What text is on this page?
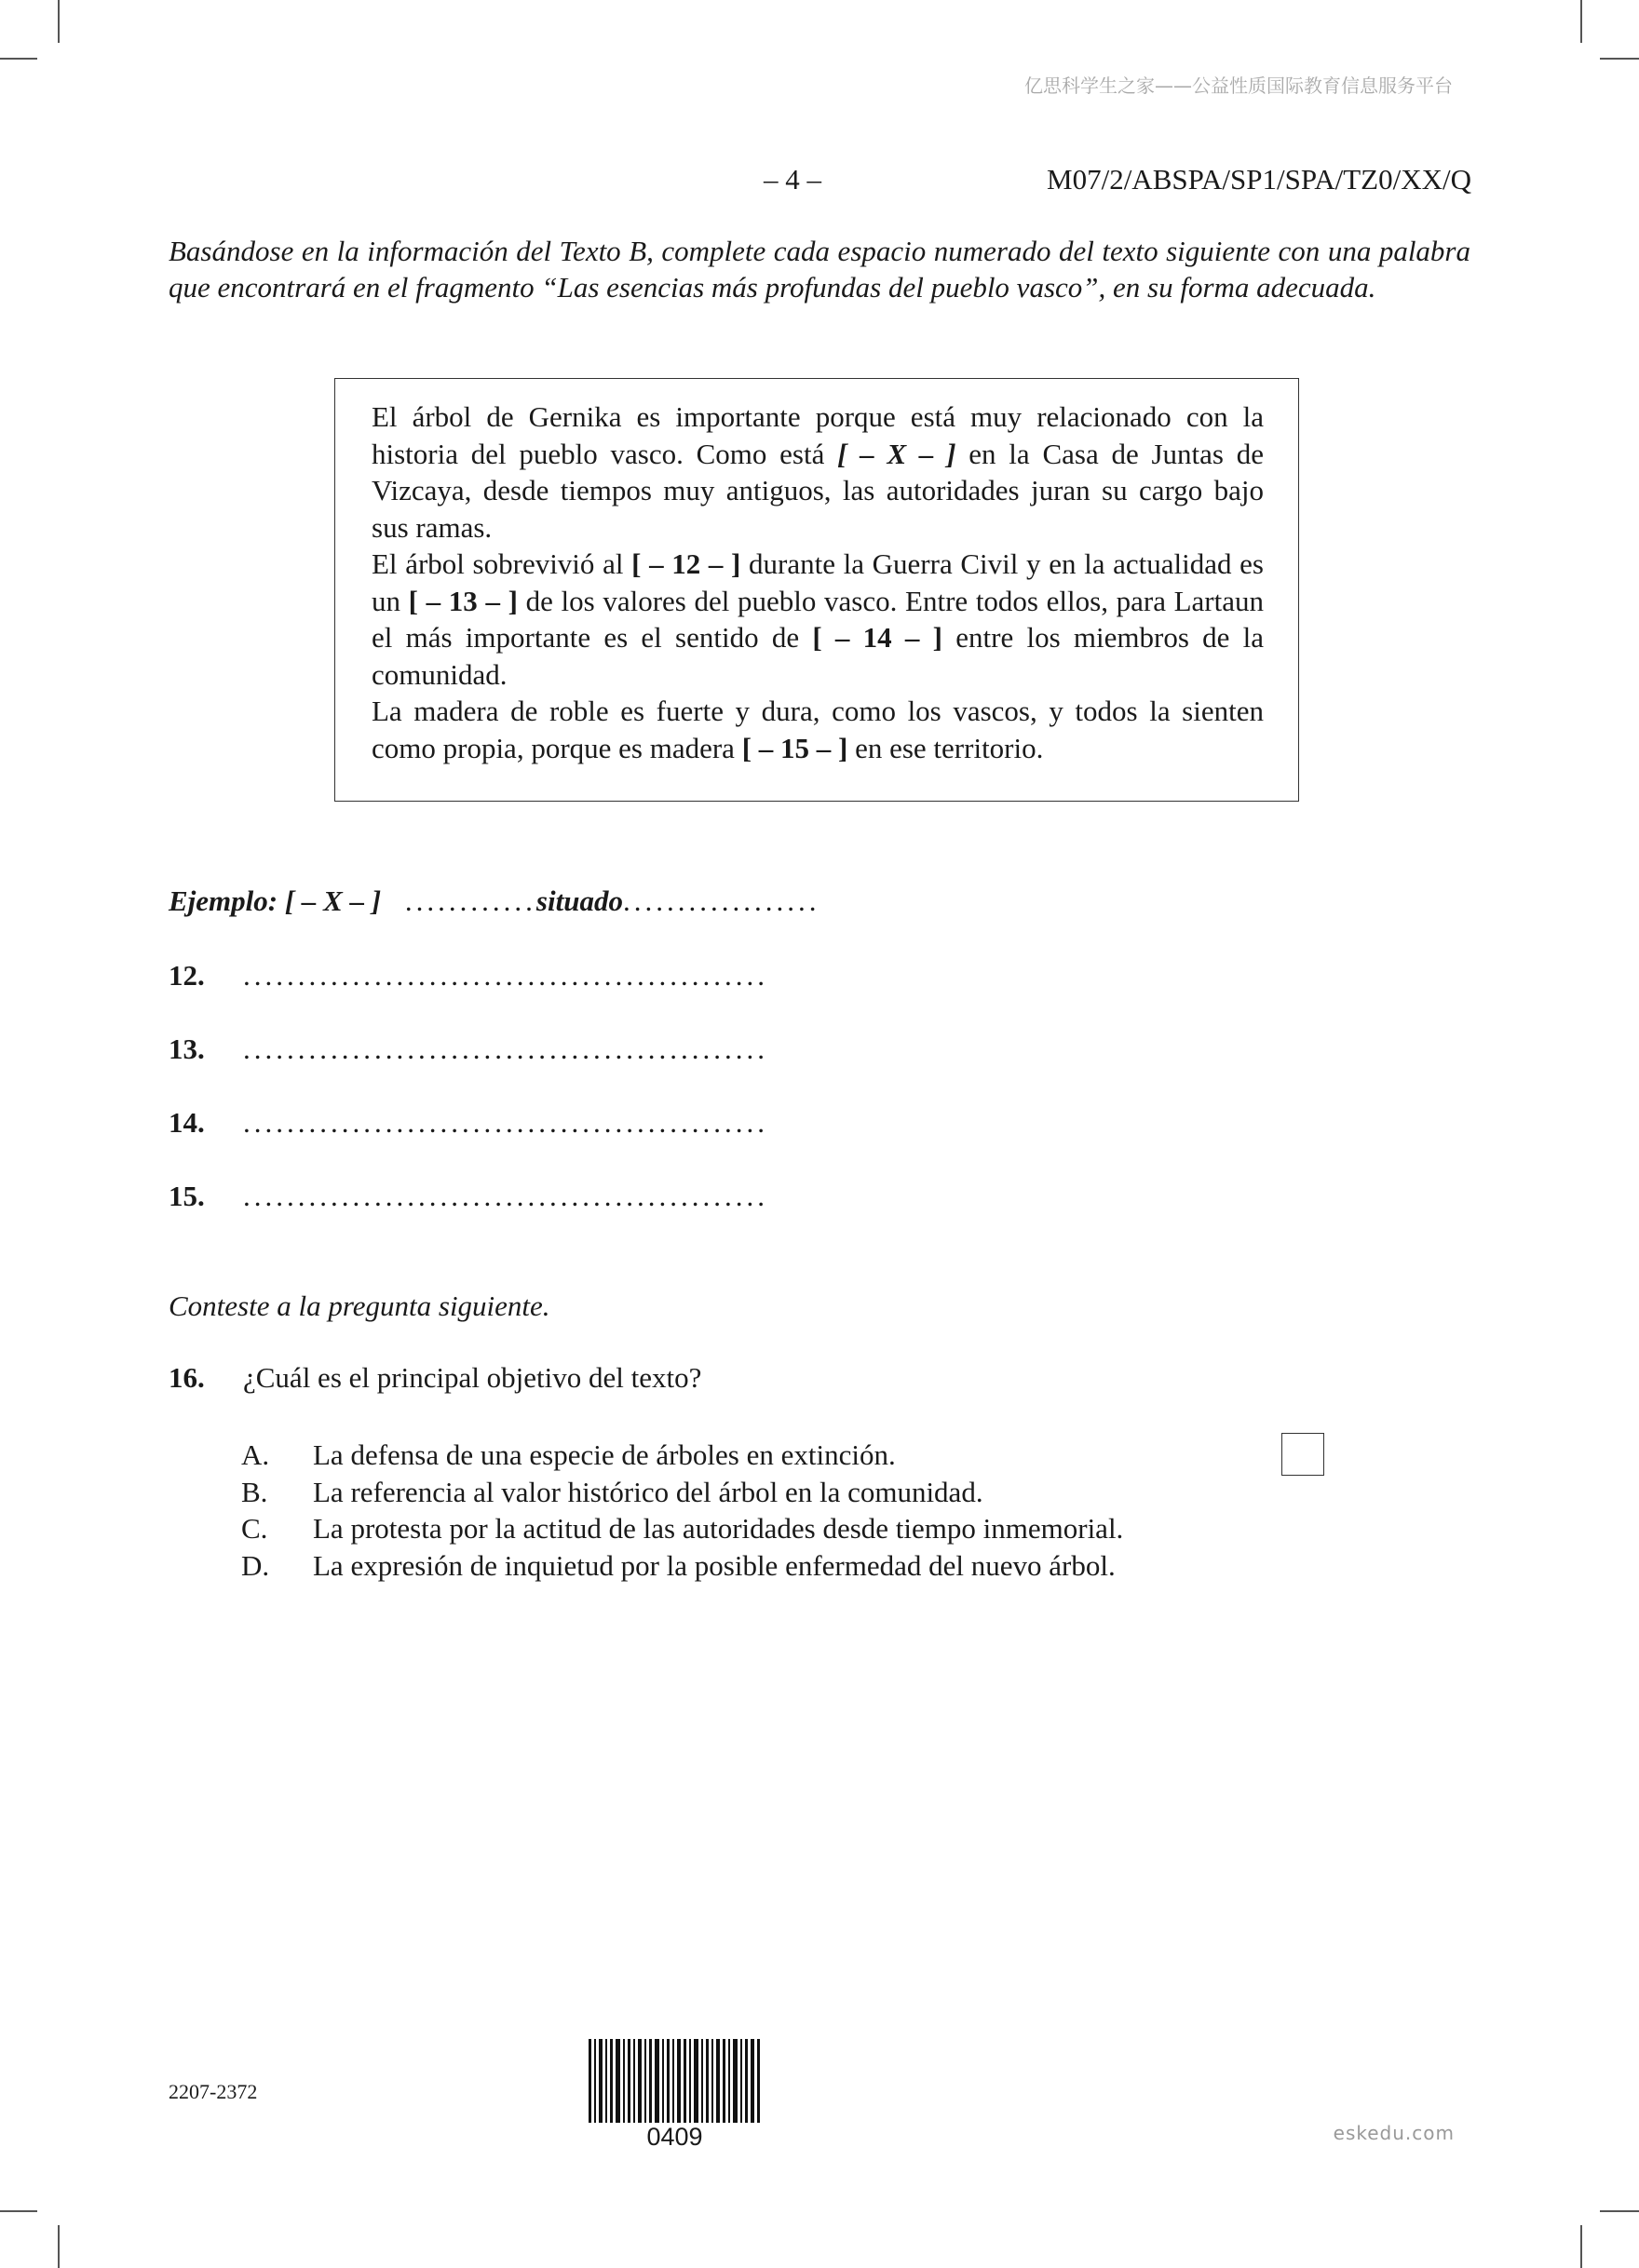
亿思科学生之家——公益性质国际教育信息服务平台
– 4 –	M07/2/ABSPA/SP1/SPA/TZ0/XX/Q
Basándose en la información del Texto B, complete cada espacio numerado del texto siguiente con una palabra que encontrará en el fragmento “Las esencias más profundas del pueblo vasco”, en su forma adecuada.

El árbol de Gernika es importante porque está muy relacionado con la historia del pueblo vasco. Como está [ – X – ] en la Casa de Juntas de Vizcaya, desde tiempos muy antiguos, las autoridades juran su cargo bajo sus ramas.

El árbol sobrevivió al [ – 12 – ] durante la Guerra Civil y en la actualidad es un [ – 13 – ] de los valores del pueblo vasco. Entre todos ellos, para Lartaun el más importante es el sentido de [ – 14 – ] entre los miembros de la comunidad.

La madera de roble es fuerte y dura, como los vascos, y todos la sienten como propia, porque es madera [ – 15 – ] en ese territorio.

Ejemplo: [ – X – ] ............situado..................
12. ................................................
13. ................................................
14. ................................................
15. ................................................
Conteste a la pregunta siguiente.
16. ¿Cuál es el principal objetivo del texto?
A. La defensa de una especie de árboles en extinción.
B. La referencia al valor histórico del árbol en la comunidad.
C. La protesta por la actitud de las autoridades desde tiempo inmemorial.
D. La expresión de inquietud por la posible enfermedad del nuevo árbol.
2207-2372
0409	eskedu.com
